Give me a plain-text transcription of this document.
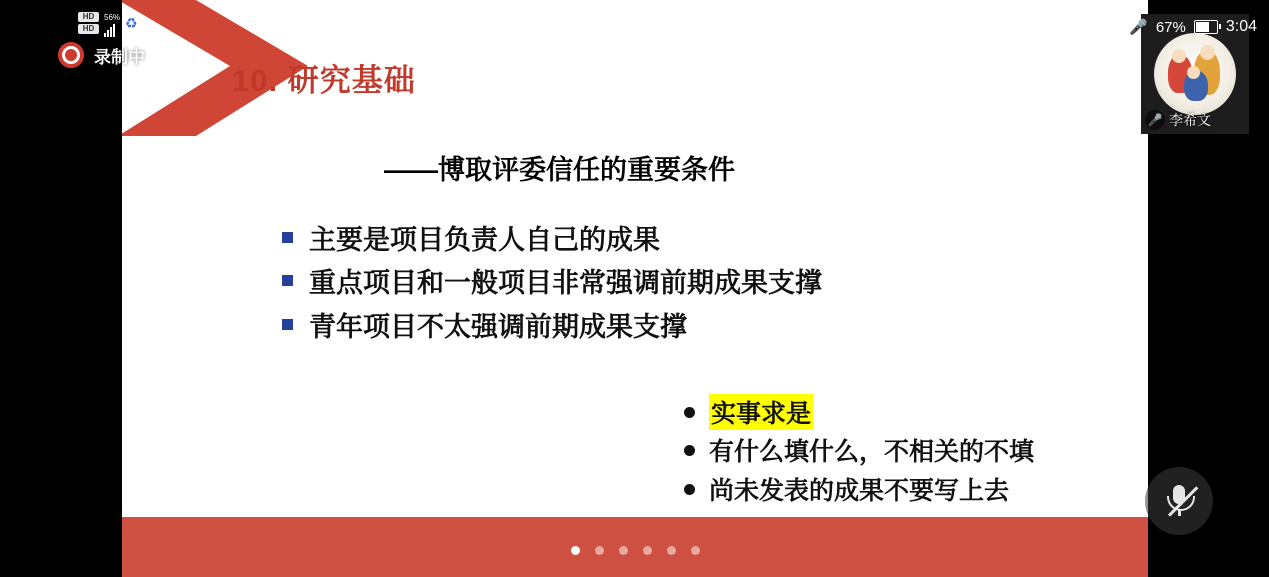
10. 研究基础
——博取评委信任的重要条件
主要是项目负责人自己的成果
重点项目和一般项目非常强调前期成果支撑
青年项目不太强调前期成果支撑
实事求是
有什么填什么，不相关的不填
尚未发表的成果不要写上去
HD
HD
56% ♻
录制中
🎤 67%	3:04
🎤 李希文
